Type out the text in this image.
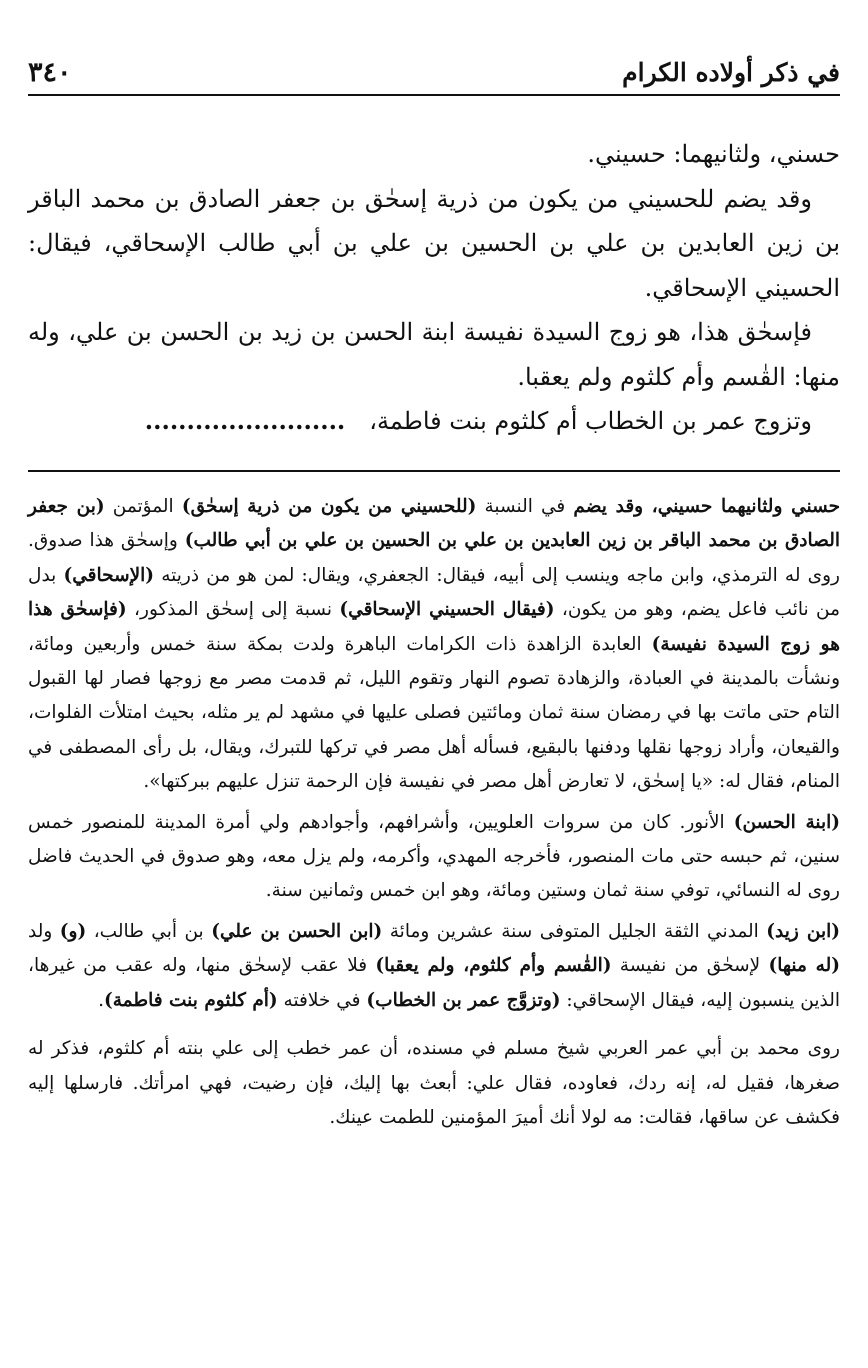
في ذكر أولاده الكرام
٣٤٠

حسني، ولثانيهما: حسيني.

وقد يضم للحسيني من يكون من ذرية إسحٰق بن جعفر الصادق بن محمد الباقر بن زين العابدين بن علي بن الحسين بن علي بن أبي طالب الإسحاقي، فيقال: الحسيني الإسحاقي.

فإسحٰق هذا، هو زوج السيدة نفيسة ابنة الحسن بن زيد بن الحسن بن علي، وله منها: القٰسم وأم كلثوم ولم يعقبا.

وتزوج عمر بن الخطاب أم كلثوم بنت فاطمة،........................

حسني ولثانيهما حسيني، وقد يضم في النسبة (للحسيني من يكون من ذرية إسحٰق) المؤتمن (بن جعفر الصادق بن محمد الباقر بن زين العابدين بن علي بن الحسين بن علي بن أبي طالب) وإسحٰق هذا صدوق. روى له الترمذي، وابن ماجه وينسب إلى أبيه، فيقال: الجعفري، ويقال: لمن هو من ذريته (الإسحاقي) بدل من نائب فاعل يضم، وهو من يكون، (فيقال الحسيني الإسحاقي) نسبة إلى إسحٰق المذكور، (فإسحٰق هذا هو زوج السيدة نفيسة) العابدة الزاهدة ذات الكرامات الباهرة ولدت بمكة سنة خمس وأربعين ومائة، ونشأت بالمدينة في العبادة، والزهادة تصوم النهار وتقوم الليل، ثم قدمت مصر مع زوجها فصار لها القبول التام حتى ماتت بها في رمضان سنة ثمان ومائتين فصلى عليها في مشهد لم ير مثله، بحيث امتلأت الفلوات، والقيعان، وأراد زوجها نقلها ودفنها بالبقيع، فسأله أهل مصر في تركها للتبرك، ويقال، بل رأى المصطفى في المنام، فقال له: «يا إسحٰق، لا تعارض أهل مصر في نفيسة فإن الرحمة تنزل عليهم ببركتها».

(ابنة الحسن) الأنور. كان من سروات العلويين، وأشرافهم، وأجوادهم ولي أمرة المدينة للمنصور خمس سنين، ثم حبسه حتى مات المنصور، فأخرجه المهدي، وأكرمه، ولم يزل معه، وهو صدوق في الحديث فاضل روى له النسائي، توفي سنة ثمان وستين ومائة، وهو ابن خمس وثمانين سنة.

(ابن زيد) المدني الثقة الجليل المتوفى سنة عشرين ومائة (ابن الحسن بن علي) بن أبي طالب، (و) ولد (له منها) لإسحٰق من نفيسة (القٰسم وأم كلثوم، ولم يعقبا) فلا عقب لإسحٰق منها، وله عقب من غيرها، الذين ينسبون إليه، فيقال الإسحاقي: (وتزوَّج عمر بن الخطاب) في خلافته (أم كلثوم بنت فاطمة).

روى محمد بن أبي عمر العربي شيخ مسلم في مسنده، أن عمر خطب إلى علي بنته أم كلثوم، فذكر له صغرها، فقيل له، إنه ردك، فعاوده، فقال علي: أبعث بها إليك، فإن رضيت، فهي امرأتك. فارسلها إليه فكشف عن ساقها، فقالت: مه لولا أنك أميرَ المؤمنين للطمت عينك.
